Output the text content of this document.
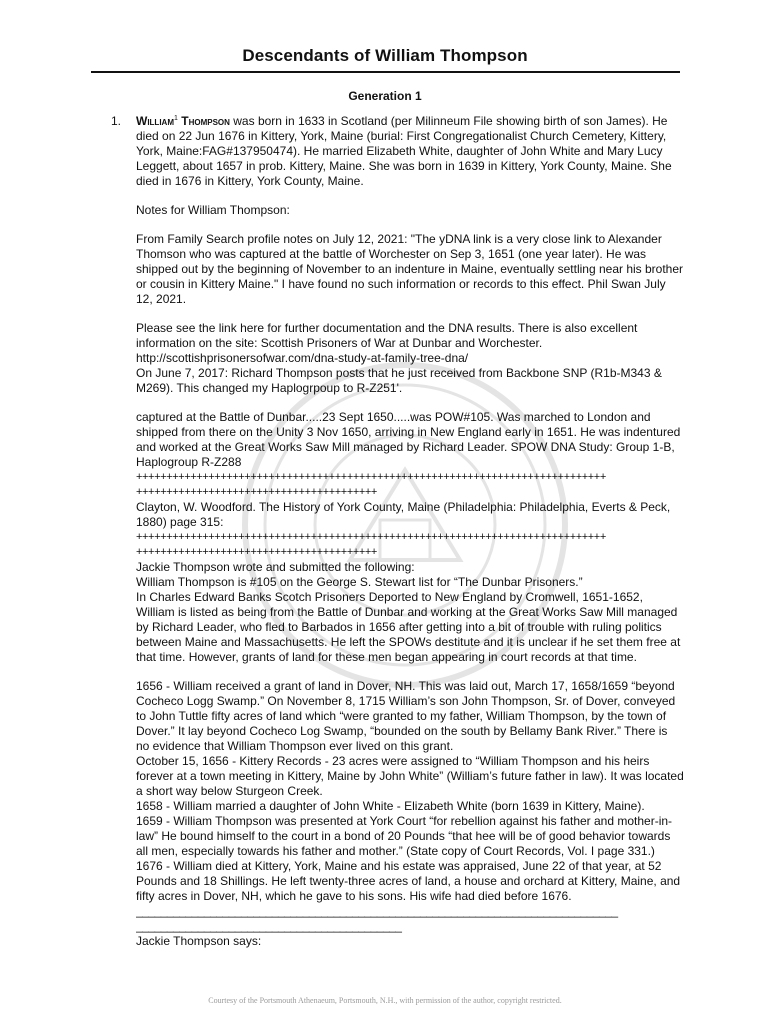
Descendants of William Thompson
Generation 1
1. William$^1$ Thompson was born in 1633 in Scotland (per Milinneum File showing birth of son James). He died on 22 Jun 1676 in Kittery, York, Maine (burial: First Congregationalist Church Cemetery, Kittery, York, Maine:FAG#137950474). He married Elizabeth White, daughter of John White and Mary Lucy Leggett, about 1657 in prob. Kittery, Maine. She was born in 1639 in Kittery, York County, Maine. She died in 1676 in Kittery, York County, Maine.

Notes for William Thompson:

From Family Search profile notes on July 12, 2021: "The yDNA link is a very close link to Alexander Thomson who was captured at the battle of Worchester on Sep 3, 1651 (one year later). He was shipped out by the beginning of November to an indenture in Maine, eventually settling near his brother or cousin in Kittery Maine." I have found no such information or records to this effect. Phil Swan July 12, 2021.

Please see the link here for further documentation and the DNA results. There is also excellent information on the site: Scottish Prisoners of War at Dunbar and Worchester.

http://scottishprisonersofwar.com/dna-study-at-family-tree-dna/

On June 7, 2017: Richard Thompson posts that he just received from Backbone SNP (R1b-M343 & M269). This changed my Haplogrpoup to R-Z251'.

captured at the Battle of Dunbar.....23 Sept 1650.....was POW#105. Was marched to London and shipped from there on the Unity 3 Nov 1650, arriving in New England early in 1651. He was indentured and worked at the Great Works Saw Mill managed by Richard Leader. SPOW DNA Study: Group 1-B, Haplogroup R-Z288

++++++++++++++++++++++++++++++++++++++++++++++++++++++++++++++++++++++++++++++

++++++++++++++++++++++++++++++++++++++++

Clayton, W. Woodford. The History of York County, Maine (Philadelphia: Philadelphia, Everts & Peck, 1880) page 315:

++++++++++++++++++++++++++++++++++++++++++++++++++++++++++++++++++++++++++++++

++++++++++++++++++++++++++++++++++++++++

Jackie Thompson wrote and submitted the following:

William Thompson is #105 on the George S. Stewart list for “The Dunbar Prisoners.”

In Charles Edward Banks Scotch Prisoners Deported to New England by Cromwell, 1651-1652, William is listed as being from the Battle of Dunbar and working at the Great Works Saw Mill managed by Richard Leader, who fled to Barbados in 1656 after getting into a bit of trouble with ruling politics between Maine and Massachusetts. He left the SPOWs destitute and it is unclear if he set them free at that time. However, grants of land for these men began appearing in court records at that time.

1656 - William received a grant of land in Dover, NH. This was laid out, March 17, 1658/1659 “beyond Cocheco Logg Swamp.” On November 8, 1715 William’s son John Thompson, Sr. of Dover, conveyed to John Tuttle fifty acres of land which “were granted to my father, William Thompson, by the town of Dover.” It lay beyond Cocheco Log Swamp, “bounded on the south by Bellamy Bank River.” There is no evidence that William Thompson ever lived on this grant.

October 15, 1656 - Kittery Records - 23 acres were assigned to “William Thompson and his heirs forever at a town meeting in Kittery, Maine by John White” (William’s future father in law). It was located a short way below Sturgeon Creek.

1658 - William married a daughter of John White - Elizabeth White (born 1639 in Kittery, Maine).

1659 - William Thompson was presented at York Court “for rebellion against his father and mother-in-law” He bound himself to the court in a bond of 20 Pounds “that hee will be of good behavior towards all men, especially towards his father and mother.” (State copy of Court Records, Vol. I page 331.)

1676 - William died at Kittery, York, Maine and his estate was appraised, June 22 of that year, at 52 Pounds and 18 Shillings. He left twenty-three acres of land, a house and orchard at Kittery, Maine, and fifty acres in Dover, NH, which he gave to his sons. His wife had died before 1676.

______________________________________________________________________________

___________________________________________

Jackie Thompson says:

Courtesy of the Portsmouth Athenaeum, Portsmouth, N.H., with permission of the author, copyright restricted.
